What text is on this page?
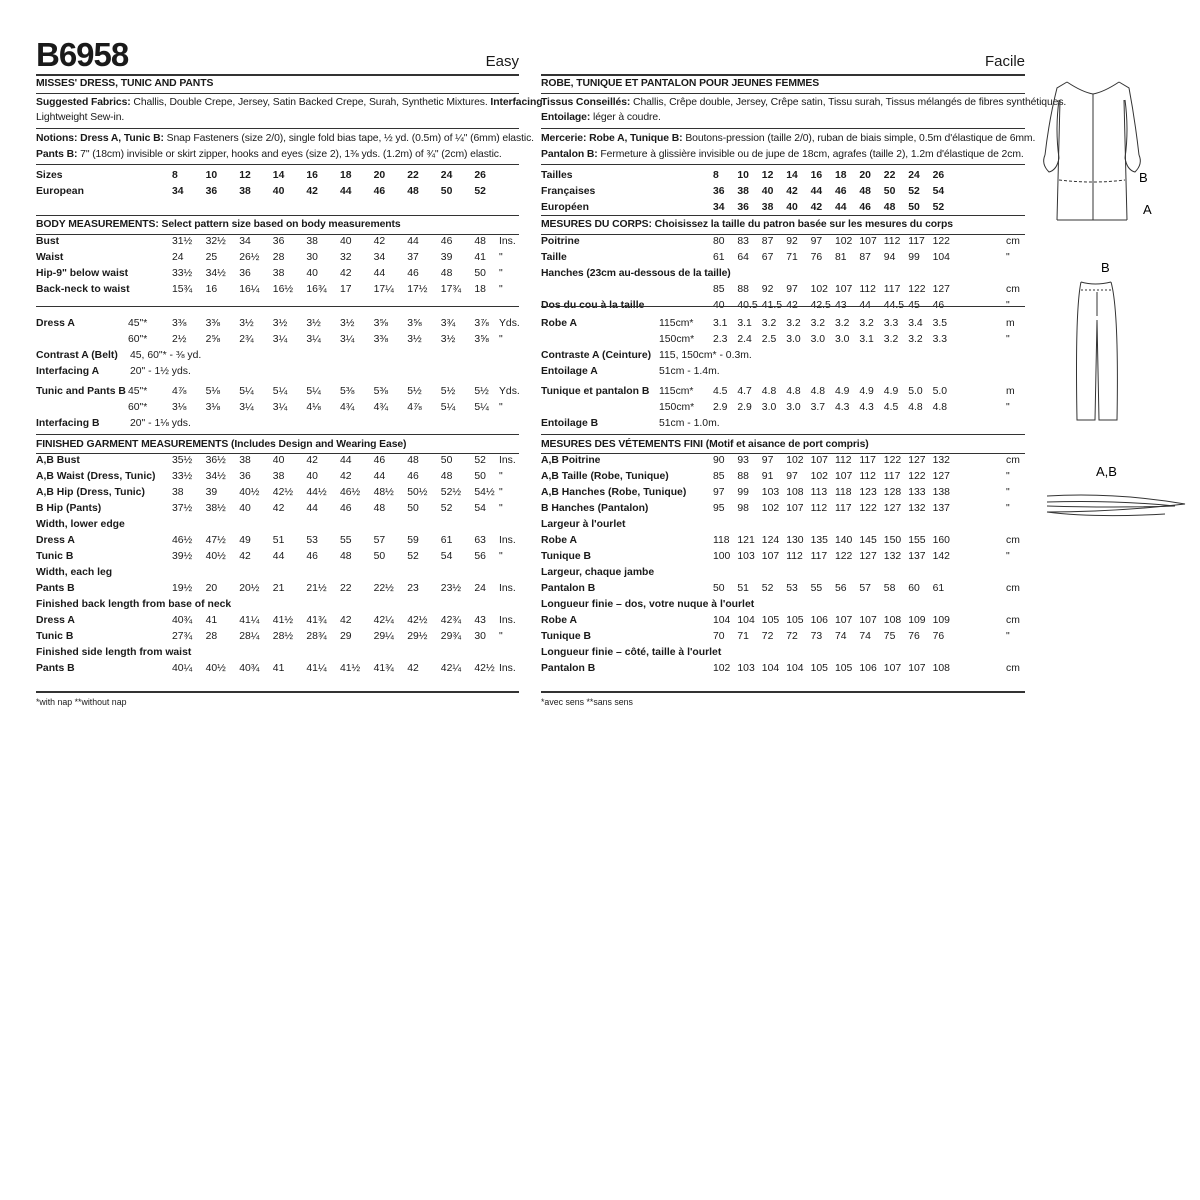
B6958	Easy
MISSES' DRESS, TUNIC AND PANTS
Suggested Fabrics: Challis, Double Crepe, Jersey, Satin Backed Crepe, Surah, Synthetic Mixtures. Interfacing:
Lightweight Sew-in.
Notions: Dress A, Tunic B: Snap Fasteners (size 2/0), single fold bias tape, ½ yd. (0.5m) of ¼" (6mm) elastic.
Pants B: 7" (18cm) invisible or skirt zipper, hooks and eyes (size 2), 1⅜ yds. (1.2m) of ¾" (2cm) elastic.
Sizes	8	10 12 14 16 18 20 22 24 26
European	34 36 38 40 42 44 46 48 50 52
BODY MEASUREMENTS: Select pattern size based on body measurements
Bust	31½ 32½ 34 36 38 40 42 44 46 48 Ins.
Waist	24 25 26½ 28 30 32 34 37 39 41 "
Hip-9" below waist	33½ 34½ 36 38 40 42 44 46 48 50 "
Back-neck to waist	15¾ 16 16¼ 16½ 16¾ 17 17¼ 17½ 17¾ 18 "
Dress A	45"* 3⅜ 3⅜ 3½ 3½ 3½ 3½ 3⅝ 3⅝ 3¾ 3⅞ Yds.
60"* 2½ 2⅝ 2¾ 3¼ 3¼ 3¼ 3⅜ 3½ 3½ 3⅝ "
Contrast A (Belt) 45, 60"* - ⅜ yd.
Interfacing A	20" - 1½ yds.
Tunic and Pants B 45"* 4⅞ 5⅛ 5¼ 5¼ 5¼ 5⅜ 5⅜ 5½ 5½ 5½ Yds.
60"* 3⅛ 3⅛ 3¼ 3¼ 4⅛ 4¾ 4¾ 4⅞ 5¼ 5¼ "
Interfacing B	20" - 1⅛ yds.
FINISHED GARMENT MEASUREMENTS (Includes Design and Wearing Ease)
A,B Bust	35½ 36½ 38 40 42 44 46 48 50 52 Ins.
A,B Waist (Dress, Tunic) 33½ 34½ 36 38 40 42 44 46 48 50 "
A,B Hip (Dress, Tunic)	38 39 40½ 42½ 44½ 46½ 48½ 50½ 52½ 54½ "
B Hip (Pants)	37½ 38½ 40 42 44 46 48 50 52 54 "
Width, lower edge
Dress A	46½ 47½ 49 51 53 55 57 59 61 63 Ins.
Tunic B	39½ 40½ 42 44 46 48 50 52 54 56 "
Width, each leg
Pants B	19½ 20 20½ 21 21½ 22 22½ 23 23½ 24 Ins.
Finished back length from base of neck
Dress A	40¾ 41 41¼ 41½ 41¾ 42 42¼ 42½ 42¾ 43 Ins.
Tunic B	27¾ 28 28¼ 28½ 28¾ 29 29¼ 29½ 29¾ 30 "
Finished side length from waist
Pants B	40¼ 40½ 40¾ 41 41¼ 41½ 41¾ 42 42¼ 42½ Ins.
*with nap **without nap
Facile
ROBE, TUNIQUE ET PANTALON POUR JEUNES FEMMES
Tissus Conseillés: Challis, Crêpe double, Jersey, Crêpe satin, Tissu surah, Tissus mélangés de fibres synthétiques.
Entoilage: léger à coudre.
Mercerie: Robe A, Tunique B: Boutons-pression (taille 2/0), ruban de biais simple, 0.5m d'élastique de 6mm.
Pantalon B: Fermeture à glissière invisible ou de jupe de 18cm, agrafes (taille 2), 1.2m d'élastique de 2cm.
Tailles	8 10 12 14 16 18 20 22 24 26
Françaises	36 38 40 42 44 46 48 50 52 54
Européen	34 36 38 40 42 44 46 48 50 52
MESURES DU CORPS: Choisissez la taille du patron basée sur les mesures du corps
Poitrine	80 83 87 92 97 102 107 112 117 122	cm
Taille	61 64 67 71 76 81 87 94 99 104	"
Hanches (23cm au-dessous de la taille)
85 88 92 97 102 107 112 117 122 127	cm
Dos du cou à la taille	40 40.5 41.5 42 42.5 43 44 44.5 45 46	"
Robe A	115cm* 3.1 3.1 3.2 3.2 3.2 3.2 3.2 3.3 3.4 3.5	m
150cm* 2.3 2.4 2.5 3.0 3.0 3.0 3.1 3.2 3.2 3.3	"
Contraste A (Ceinture) 115, 150cm* - 0.3m.
Entoilage A	51cm - 1.4m.
Tunique et pantalon B 115cm* 4.5 4.7 4.8 4.8 4.8 4.9 4.9 4.9 5.0 5.0	m
150cm* 2.9 2.9 3.0 3.0 3.7 4.3 4.3 4.5 4.8 4.8	"
Entoilage B	51cm - 1.0m.
MESURES DES VÉTEMENTS FINI (Motif et aisance de port compris)
A,B Poitrine	90 93 97 102 107 112 117 122 127 132	cm
A,B Taille (Robe, Tunique)	85 88 91 97 102 107 112 117 122 127	"
A,B Hanches (Robe, Tunique)	97 99 103 108 113 118 123 128 133 138	"
B Hanches (Pantalon)	95 98 102 107 112 117 122 127 132 137	"
Largeur à l'ourlet
Robe A	118 121 124 130 135 140 145 150 155 160	cm
Tunique B	100 103 107 112 117 122 127 132 137 142	"
Largeur, chaque jambe
Pantalon B	50 51 52 53 55 56 57 58 60 61	cm
Longueur finie – dos, votre nuque à l'ourlet
Robe A	104 104 105 105 106 107 107 108 109 109	cm
Tunique B	70 71 72 72 73 74 74 75 76 76	"
Longueur finie – côté, taille à l'ourlet
Pantalon B	102 103 104 104 105 105 106 107 107 108	cm
*avec sens **sans sens
B
A
B
A,B
